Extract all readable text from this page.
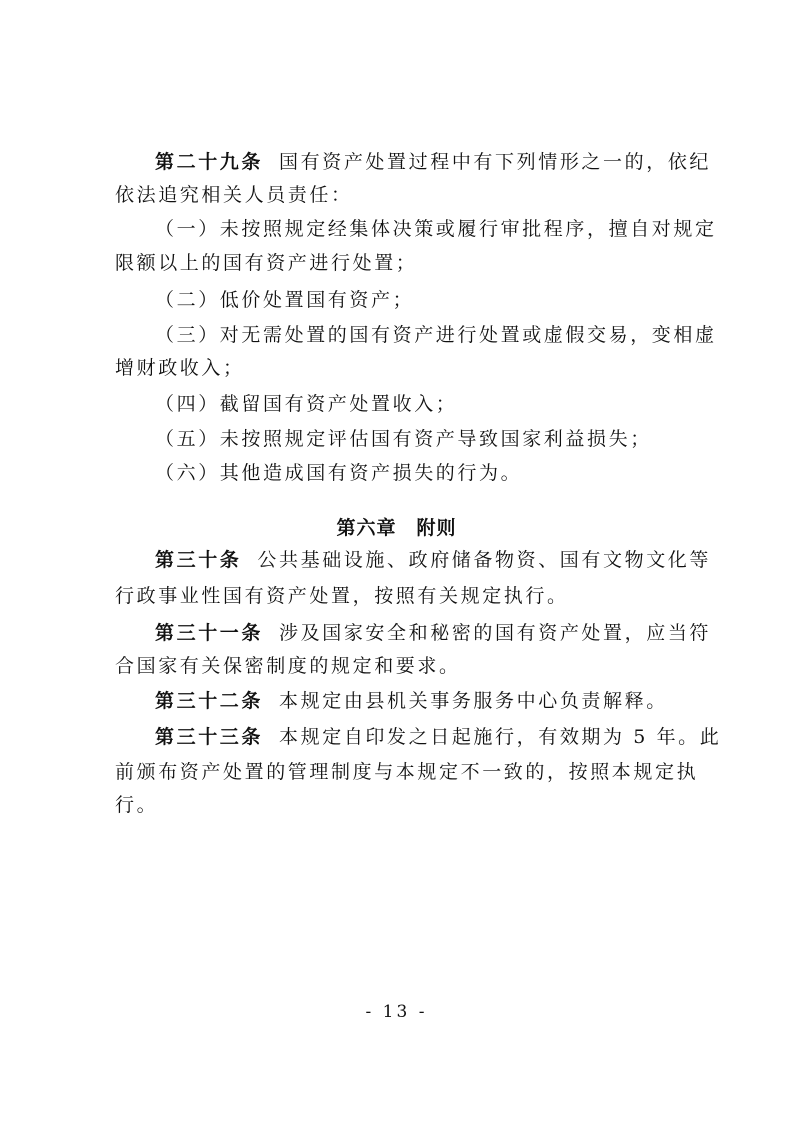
第二十九条 国有资产处置过程中有下列情形之一的，依纪
依法追究相关人员责任：
（一）未按照规定经集体决策或履行审批程序，擅自对规定
限额以上的国有资产进行处置；
（二）低价处置国有资产；
（三）对无需处置的国有资产进行处置或虚假交易，变相虚
增财政收入；
（四）截留国有资产处置收入；
（五）未按照规定评估国有资产导致国家利益损失；
（六）其他造成国有资产损失的行为。
第六章 附则
第三十条 公共基础设施、政府储备物资、国有文物文化等
行政事业性国有资产处置，按照有关规定执行。
第三十一条 涉及国家安全和秘密的国有资产处置，应当符
合国家有关保密制度的规定和要求。
第三十二条 本规定由县机关事务服务中心负责解释。
第三十三条 本规定自印发之日起施行，有效期为 5 年。此
前颁布资产处置的管理制度与本规定不一致的，按照本规定执
行。
- 13 -
